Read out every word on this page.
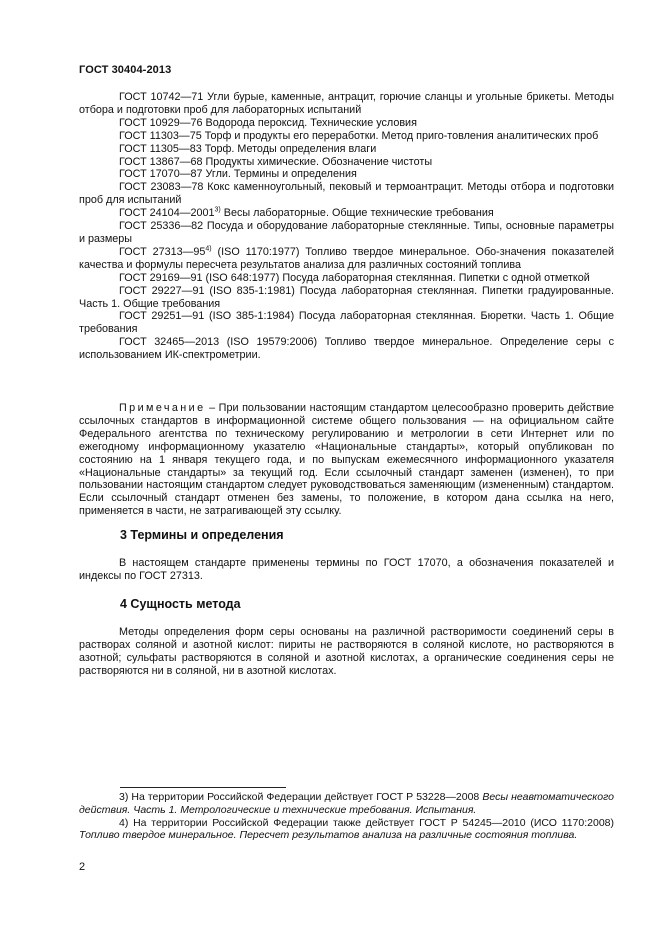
ГОСТ 30404-2013

ГОСТ 10742—71 Угли бурые, каменные, антрацит, горючие сланцы и угольные брикеты. Методы отбора и подготовки проб для лабораторных испытаний

ГОСТ 10929—76 Водорода пероксид. Технические условия

ГОСТ 11303—75 Торф и продукты его переработки. Метод приго-товления аналитических проб

ГОСТ 11305—83 Торф. Методы определения влаги

ГОСТ 13867—68 Продукты химические. Обозначение чистоты

ГОСТ 17070—87 Угли. Термины и определения

ГОСТ 23083—78 Кокс каменноугольный, пековый и термоантрацит. Методы отбора и подготовки проб для испытаний

ГОСТ 24104—2001$^{3)}$ Весы лабораторные. Общие технические требования

ГОСТ 25336—82 Посуда и оборудование лабораторные стеклянные. Типы, основные параметры и размеры

ГОСТ 27313—95$^{4)}$ (ISO 1170:1977) Топливо твердое минеральное. Обо-значения показателей качества и формулы пересчета результатов анализа для различных состояний топлива

ГОСТ 29169—91 (ISO 648:1977) Посуда лабораторная стеклянная. Пипетки с одной отметкой

ГОСТ 29227—91 (ISO 835-1:1981) Посуда лабораторная стеклянная. Пипетки градуированные. Часть 1. Общие требования

ГОСТ 29251—91 (ISO 385-1:1984) Посуда лабораторная стеклянная. Бюретки. Часть 1. Общие требования

ГОСТ 32465—2013 (ISO 19579:2006) Топливо твердое минеральное. Определение серы с использованием ИК-спектрометрии.

Примечание – При пользовании настоящим стандартом целесообразно проверить действие ссылочных стандартов в информационной системе общего пользования — на официальном сайте Федерального агентства по техническому регулированию и метрологии в сети Интернет или по ежегодному информационному указателю «Национальные стандарты», который опубликован по состоянию на 1 января текущего года, и по выпускам ежемесячного информационного указателя «Национальные стандарты» за текущий год. Если ссылочный стандарт заменен (изменен), то при пользовании настоящим стандартом следует руководствоваться заменяющим (измененным) стандартом. Если ссылочный стандарт отменен без замены, то положение, в котором дана ссылка на него, применяется в части, не затрагивающей эту ссылку.

3 Термины и определения

В настоящем стандарте применены термины по ГОСТ 17070, а обозначения показателей и индексы по ГОСТ 27313.

4 Сущность метода

Методы определения форм серы основаны на различной растворимости соединений серы в растворах соляной и азотной кислот: пириты не растворяются в соляной кислоте, но растворяются в азотной; сульфаты растворяются в соляной и азотной кислотах, а органические соединения серы не растворяются ни в соляной, ни в азотной кислотах.

3) На территории Российской Федерации действует ГОСТ Р 53228—2008 Весы неавтоматического действия. Часть 1. Метрологические и технические требования. Испытания.

4) На территории Российской Федерации также действует ГОСТ Р 54245—2010 (ИСО 1170:2008) Топливо твердое минеральное. Пересчет результатов анализа на различные состояния топлива.

2
